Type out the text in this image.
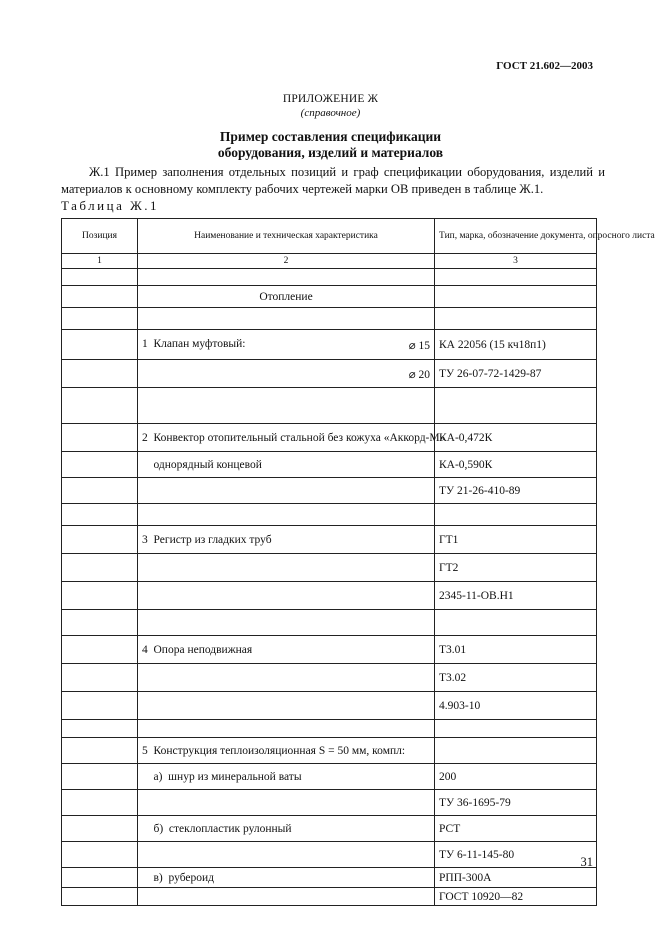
ГОСТ 21.602—2003
ПРИЛОЖЕНИЕ Ж
(справочное)
Пример составления спецификации
оборудования, изделий и материалов
Ж.1 Пример заполнения отдельных позиций и граф спецификации оборудования, изделий и материалов к основному комплекту рабочих чертежей марки ОВ приведен в таблице Ж.1.
Таблица Ж.1
Позиция	Наименование и техническая характеристика	Тип, марка, обозначение документа, опросного листа
1	2	3

	Отопление	

	1  Клапан муфтовый: ⌀ 15	КА 22056 (15 кч18п1)

	⌀ 20	ТУ 26-07-72-1429-87

	2  Конвектор отопительный стальной без кожуха «Аккорд-М»	КА-0,472К
	однорядный концевой	КА-0,590К
		ТУ 21-26-410-89

	3  Регистр из гладких труб	ГТ1
		ГТ2
		2345-11-ОВ.Н1

	4  Опора неподвижная	Т3.01
		Т3.02
		4.903-10

	5  Конструкция теплоизоляционная S = 50 мм, компл:	
	а)  шнур из минеральной ваты	200
		ТУ 36-1695-79
	б)  стеклопластик рулонный	РСТ
		ТУ 6-11-145-80
	в)  рубероид	РПП-300А
		ГОСТ 10920—82
31
